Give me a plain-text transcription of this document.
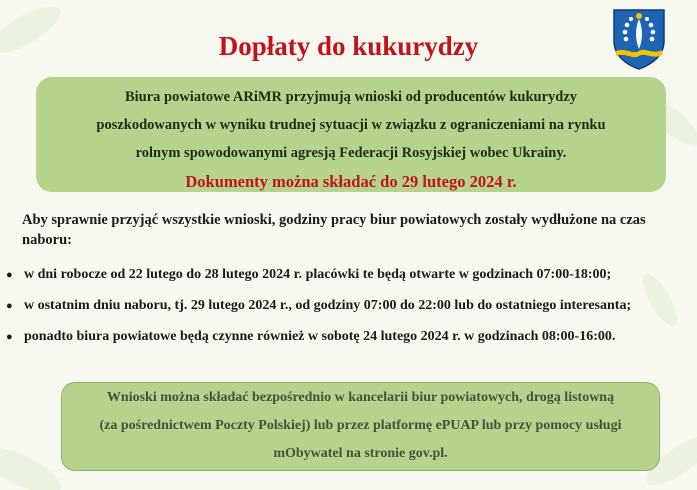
Dopłaty do kukurydzy

Biura powiatowe ARiMR przyjmują wnioski od producentów kukurydzy

poszkodowanych w wyniku trudnej sytuacji w związku z ograniczeniami na rynku

rolnym spowodowanymi agresją Federacji Rosyjskiej wobec Ukrainy.

Dokumenty można składać do 29 lutego 2024 r.

Aby sprawnie przyjąć wszystkie wnioski, godziny pracy biur powiatowych zostały wydłużone na czas naboru:

● w dni robocze od 22 lutego do 28 lutego 2024 r. placówki te będą otwarte w godzinach 07:00-18:00;
● w ostatnim dniu naboru, tj. 29 lutego 2024 r., od godziny 07:00 do 22:00 lub do ostatniego interesanta;
● ponadto biura powiatowe będą czynne również w sobotę 24 lutego 2024 r. w godzinach 08:00-16:00.

Wnioski można składać bezpośrednio w kancelarii biur powiatowych, drogą listowną

(za pośrednictwem Poczty Polskiej) lub przez platformę ePUAP lub przy pomocy usługi

mObywatel na stronie gov.pl.
